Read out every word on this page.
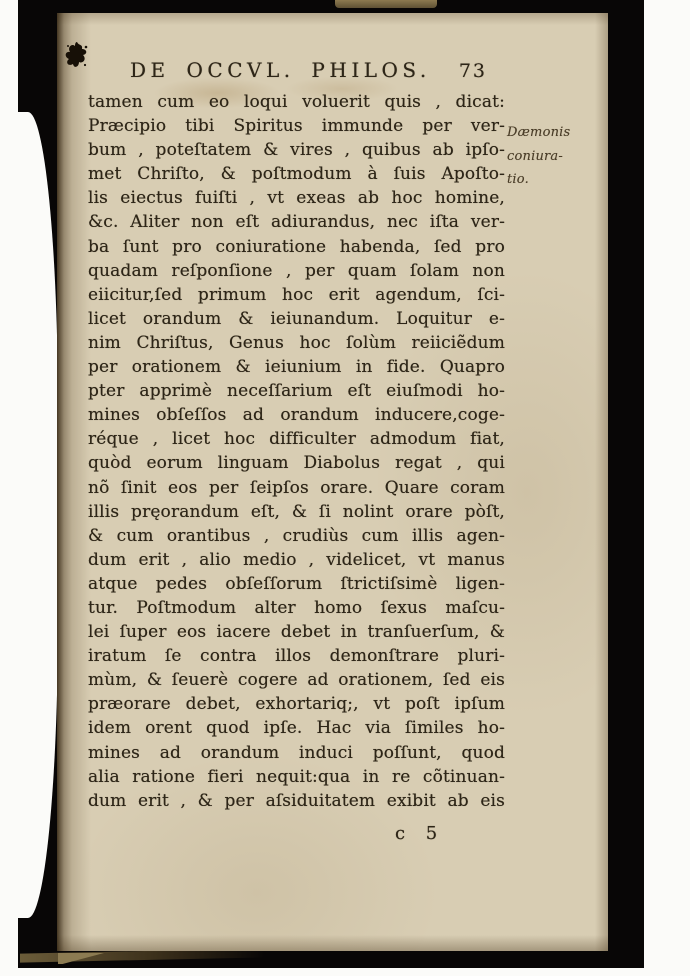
DE OCCVL. PHILOS. 73
tamen cum eo loqui voluerit quis , dicat:
Præcipio tibi Spiritus immunde per ver-
bum , poteſtatem & vires , quibus ab ipſo-
met Chriſto, & poſtmodum à ſuis Apoſto-
lis eiectus fuiſti , vt exeas ab hoc homine,
&c. Aliter non eſt adiurandus, nec iſta ver-
ba ſunt pro coniuratione habenda, ſed pro
quadam reſponſione , per quam ſolam non
eiicitur,ſed primum hoc erit agendum, ſci-
licet orandum & ieiunandum. Loquitur e-
nim Chriſtus, Genus hoc ſolùm reiiciẽdum
per orationem & ieiunium in fide. Quapro
pter apprimè neceſſarium eſt eiuſmodi ho-
mines obſeſſos ad orandum inducere,coge-
réque , licet hoc difficulter admodum fiat,
quòd eorum linguam Diabolus regat , qui
nõ ſinit eos per ſeipſos orare. Quare coram
illis pręorandum eſt, & ſi nolint orare pòſt,
& cum orantibus , crudiùs cum illis agen-
dum erit , alio medio , videlicet, vt manus
atque pedes obſeſſorum ſtrictiſsimè ligen-
tur. Poſtmodum alter homo ſexus maſcu-
lei ſuper eos iacere debet in tranſuerſum, &
iratum ſe contra illos demonſtrare pluri-
mùm, & ſeuerè cogere ad orationem, ſed eis
præorare debet, exhortariq;, vt poſt ipſum
idem orent quod ipſe. Hac via ſimiles ho-
mines ad orandum induci poſſunt, quod
alia ratione fieri nequit:qua in re cõtinuan-
dum erit , & per aſsiduitatem exibit ab eis
Dæmonis
coniura-
tio.
c 5
